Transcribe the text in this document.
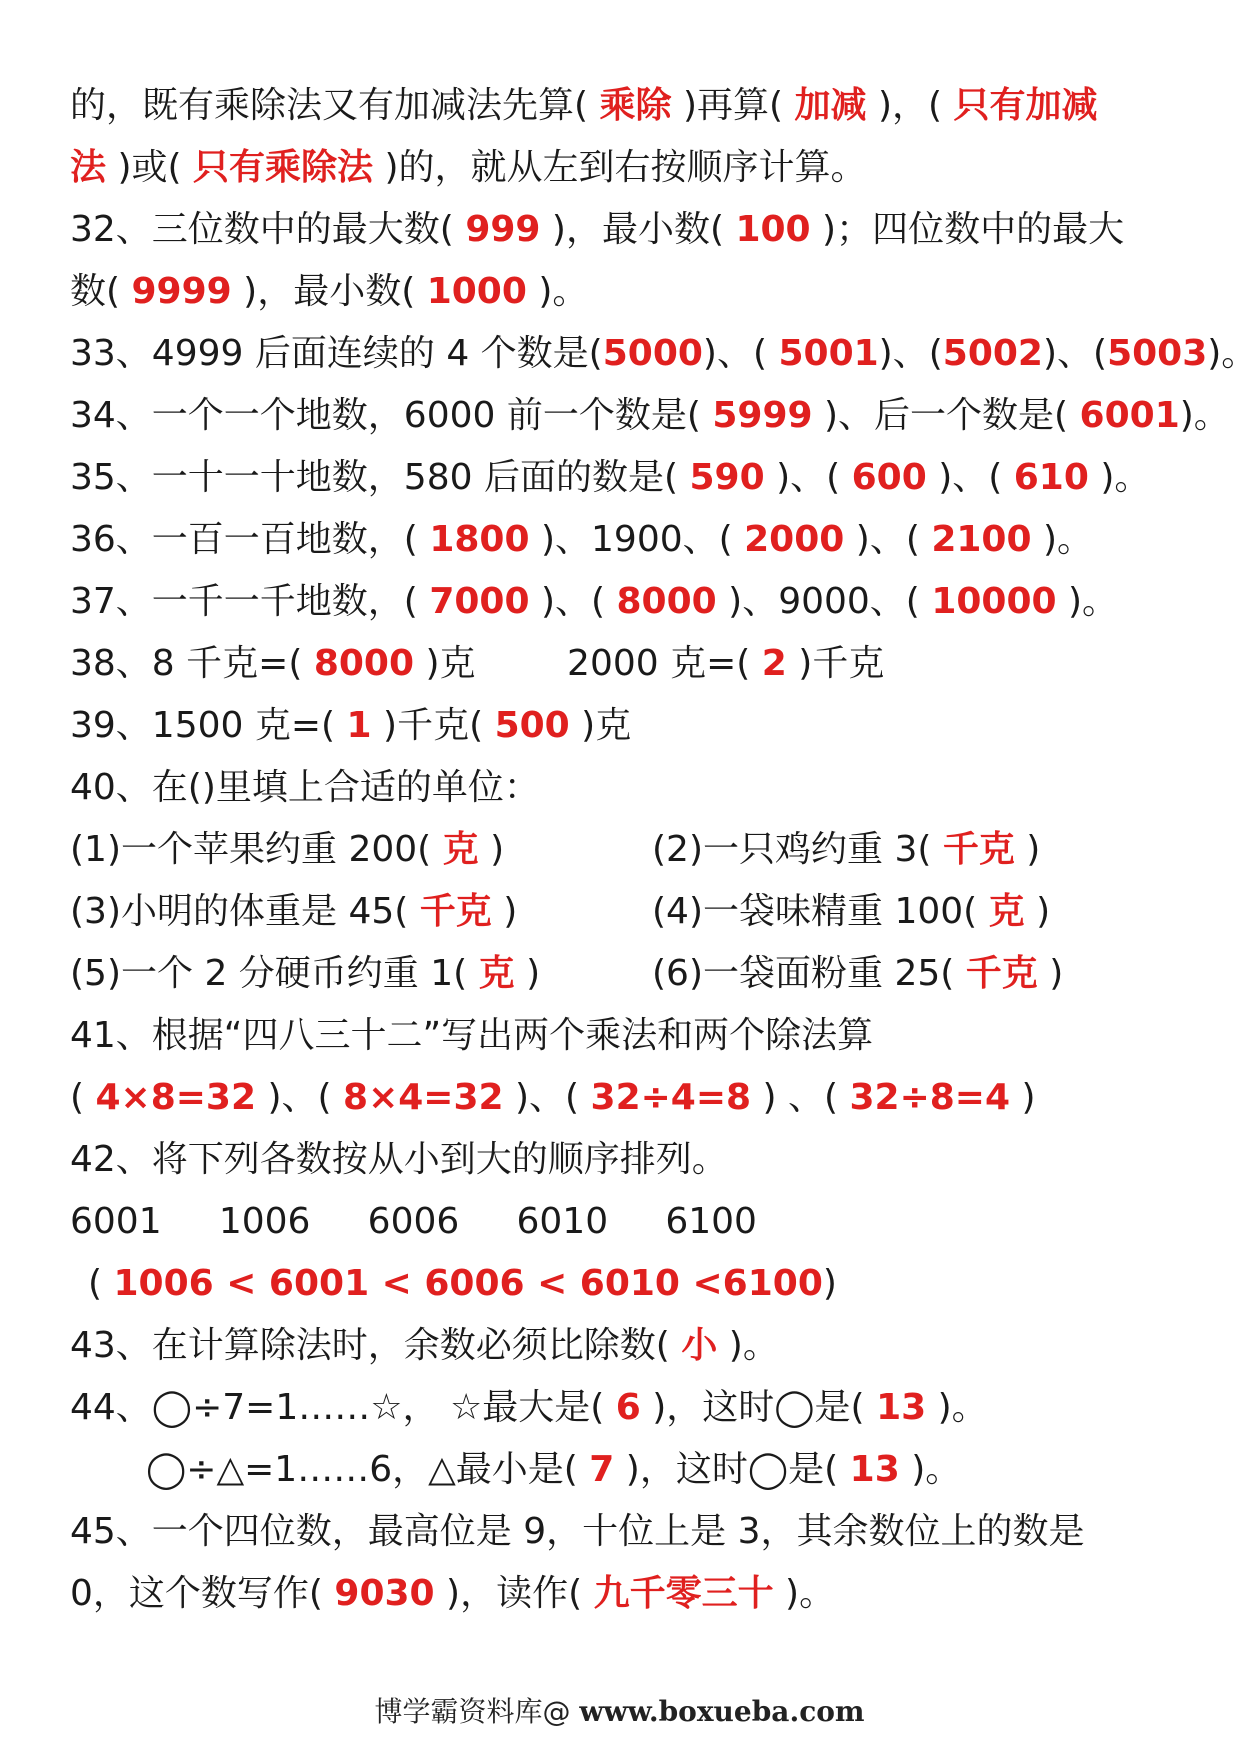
的，既有乘除法又有加减法先算( 乘除 )再算( 加减 )，( 只有加减
法 )或( 只有乘除法 )的，就从左到右按顺序计算。
32、三位数中的最大数( 999 )，最小数( 100 )；四位数中的最大
数( 9999 )，最小数( 1000 )。
33、4999 后面连续的 4 个数是(5000)、( 5001)、(5002)、(5003)。
34、一个一个地数，6000 前一个数是( 5999 )、后一个数是( 6001)。
35、一十一十地数，580 后面的数是( 590 )、( 600 )、( 610 )。
36、一百一百地数，( 1800 )、1900、( 2000 )、( 2100 )。
37、一千一千地数，( 7000 )、( 8000 )、9000、( 10000 )。
38、8 千克=( 8000 )克        2000 克=( 2 )千克
39、1500 克=( 1 )千克( 500 )克
40、在()里填上合适的单位：
(1)一个苹果约重 200( 克 )	(2)一只鸡约重 3( 千克 )
(3)小明的体重是 45( 千克 )	(4)一袋味精重 100( 克 )
(5)一个 2 分硬币约重 1( 克 )	(6)一袋面粉重 25( 千克 )
41、根据“四八三十二”写出两个乘法和两个除法算
( 4×8=32 )、( 8×4=32 )、( 32÷4=8 ) 、( 32÷8=4 )
42、将下列各数按从小到大的顺序排列。
6001     1006     6006     6010     6100
( 1006 < 6001 < 6006 < 6010 <6100)
43、在计算除法时，余数必须比除数( 小 )。
44、◯÷7=1……☆， ☆最大是( 6 )，这时◯是( 13 )。
◯÷△=1……6，△最小是( 7 )，这时◯是( 13 )。
45、一个四位数，最高位是 9，十位上是 3，其余数位上的数是
0，这个数写作( 9030 )，读作( 九千零三十 )。
博学霸资料库@ www.boxueba.com
